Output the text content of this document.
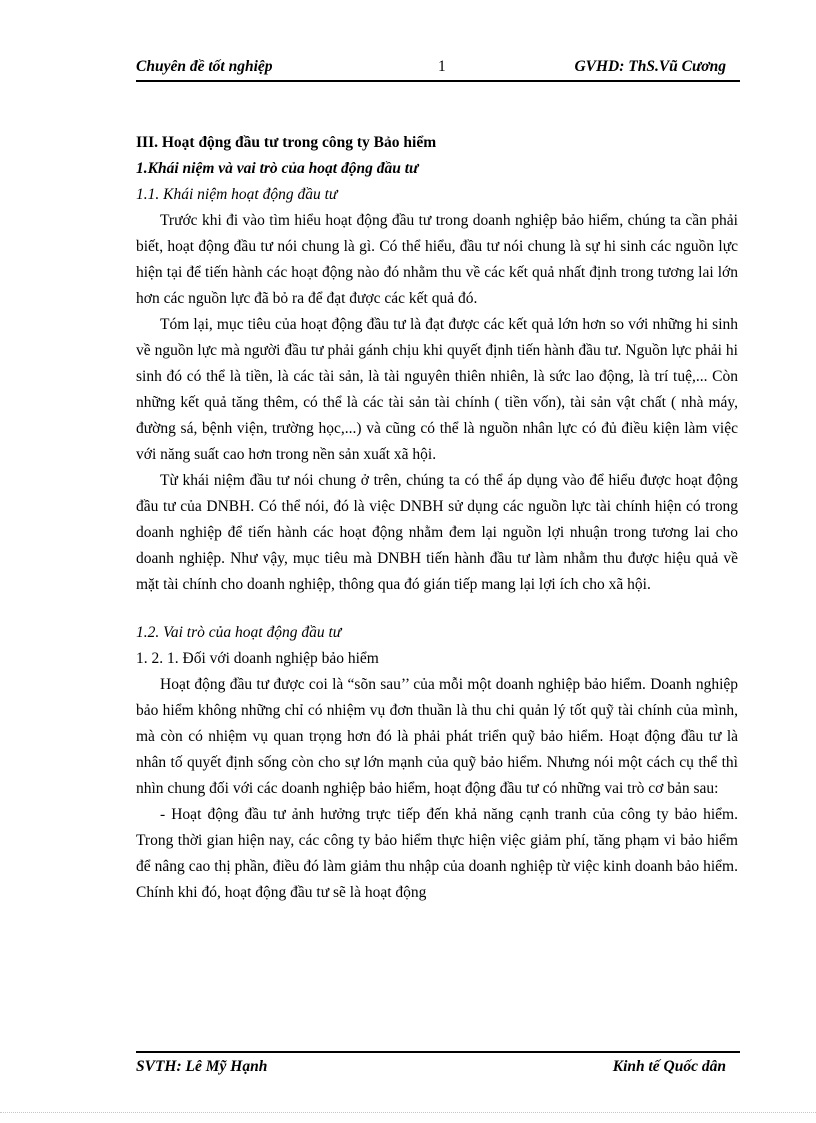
Chuyên đề tốt nghiệp	1	GVHD: ThS.Vũ Cương

III. Hoạt động đầu tư trong công ty Bảo hiểm

1.Khái niệm và vai trò của hoạt động đầu tư

1.1. Khái niệm hoạt động đầu tư

Trước khi đi vào tìm hiểu hoạt động đầu tư trong doanh nghiệp bảo hiểm, chúng ta cần phải biết, hoạt động đầu tư nói chung là gì. Có thể hiểu, đầu tư nói chung là sự hi sinh các nguồn lực hiện tại để tiến hành các hoạt động nào đó nhằm thu về các kết quả nhất định trong tương lai lớn hơn các nguồn lực đã bỏ ra để đạt được các kết quả đó.

Tóm lại, mục tiêu của hoạt động đầu tư là đạt được các kết quả lớn hơn so với những hi sinh về nguồn lực mà người đầu tư phải gánh chịu khi quyết định tiến hành đầu tư. Nguồn lực phải hi sinh đó có thể là tiền, là các tài sản, là tài nguyên thiên nhiên, là sức lao động, là trí tuệ,... Còn những kết quả tăng thêm, có thể là các tài sản tài chính ( tiền vốn), tài sản vật chất ( nhà máy, đường sá, bệnh viện, trường học,...) và cũng có thể là nguồn nhân lực có đủ điều kiện làm việc với năng suất cao hơn trong nền sản xuất xã hội.

Từ khái niệm đầu tư nói chung ở trên, chúng ta có thể áp dụng vào để hiểu được hoạt động đầu tư của DNBH. Có thể nói, đó là việc DNBH sử dụng các nguồn lực tài chính hiện có trong doanh nghiệp để tiến hành các hoạt động nhằm đem lại nguồn lợi nhuận trong tương lai cho doanh nghiệp. Như vậy, mục tiêu mà DNBH tiến hành đầu tư làm nhằm thu được hiệu quả về mặt tài chính cho doanh nghiệp, thông qua đó gián tiếp mang lại lợi ích cho xã hội.

1.2. Vai trò của hoạt động đầu tư

1. 2. 1. Đối với doanh nghiệp bảo hiểm

Hoạt động đầu tư được coi là “sõn sau’’ của mỗi một doanh nghiệp bảo hiểm. Doanh nghiệp bảo hiểm không những chỉ có nhiệm vụ đơn thuần là thu chi quản lý tốt quỹ tài chính của mình, mà còn có nhiệm vụ quan trọng hơn đó là phải phát triển quỹ bảo hiểm. Hoạt động đầu tư là nhân tố quyết định sống còn cho sự lớn mạnh của quỹ bảo hiểm. Nhưng nói một cách cụ thể thì nhìn chung đối với các doanh nghiệp bảo hiểm, hoạt động đầu tư có những vai trò cơ bản sau:

- Hoạt động đầu tư ảnh hưởng trực tiếp đến khả năng cạnh tranh của công ty bảo hiểm. Trong thời gian hiện nay, các công ty bảo hiểm thực hiện việc giảm phí, tăng phạm vi bảo hiểm để nâng cao thị phần, điều đó làm giảm thu nhập của doanh nghiệp từ việc kinh doanh bảo hiểm. Chính khi đó, hoạt động đầu tư sẽ là hoạt động

SVTH: Lê Mỹ Hạnh	Kinh tế Quốc dân
